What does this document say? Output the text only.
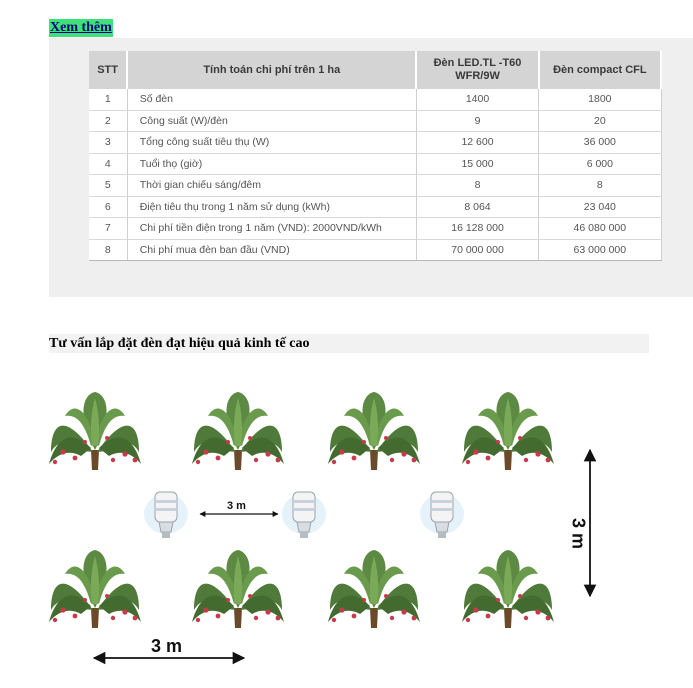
Xem thêm
STT	Tính toán chi phí trên 1 ha	Đèn LED.TL -T60 WFR/9W	Đèn compact CFL
1	Số đèn	1400	1800
2	Công suất (W)/đèn	9	20
3	Tổng công suất tiêu thụ (W)	12 600	36 000
4	Tuổi thọ (giờ)	15 000	6 000
5	Thời gian chiếu sáng/đêm	8	8
6	Điện tiêu thụ trong 1 năm sử dụng (kWh)	8 064	23 040
7	Chi phí tiền điện trong 1 năm (VND): 2000VND/kWh	16 128 000	46 080 000
8	Chi phí mua đèn ban đầu (VND)	70 000 000	63 000 000
Tư vấn lắp đặt đèn đạt hiệu quả kinh tế cao
3 m
3 m
3 m
